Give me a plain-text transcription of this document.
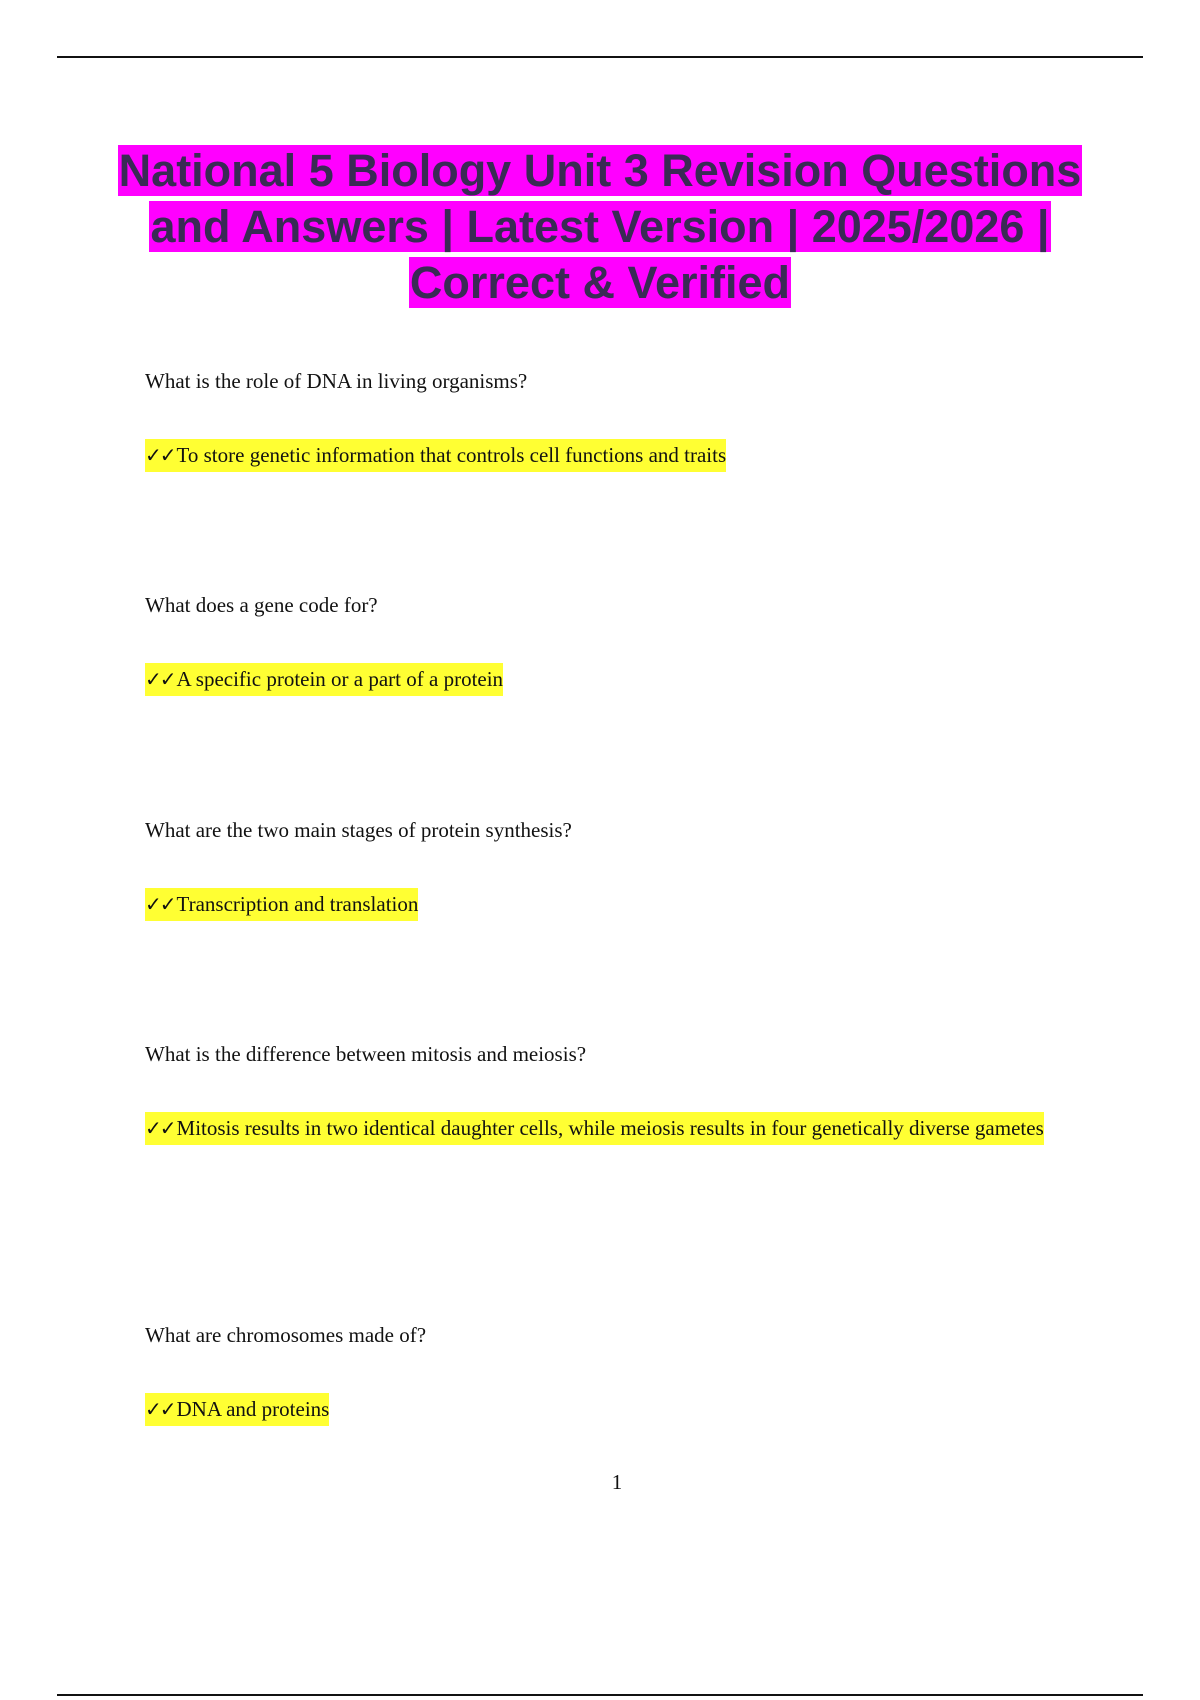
National 5 Biology Unit 3 Revision Questions and Answers | Latest Version | 2025/2026 | Correct & Verified

What is the role of DNA in living organisms?

✓✓To store genetic information that controls cell functions and traits

What does a gene code for?

✓✓A specific protein or a part of a protein

What are the two main stages of protein synthesis?

✓✓Transcription and translation

What is the difference between mitosis and meiosis?

✓✓Mitosis results in two identical daughter cells, while meiosis results in four genetically diverse gametes

What are chromosomes made of?

✓✓DNA and proteins

1
